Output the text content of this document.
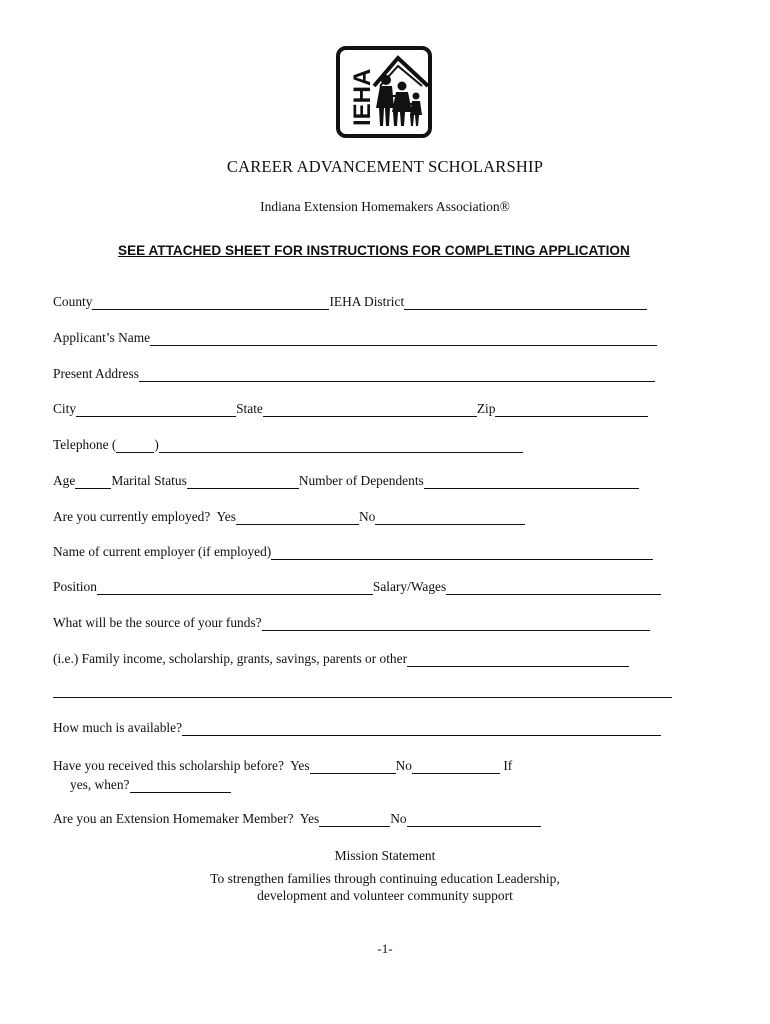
IEHA
CAREER ADVANCEMENT SCHOLARSHIP
Indiana Extension Homemakers Association®
SEE ATTACHED SHEET FOR INSTRUCTIONS FOR COMPLETING APPLICATION
County	IEHA District
Applicant’s Name
Present Address
City	State	Zip
Telephone (	)
Age	Marital Status	Number of Dependents
Are you currently employed?  Yes	No
Name of current employer (if employed)
Position	Salary/Wages
What will be the source of your funds?
(i.e.) Family income, scholarship, grants, savings, parents or other
How much is available?
Have you received this scholarship before?  Yes	No	If
yes, when?
Are you an Extension Homemaker Member?  Yes	No
Mission Statement
To strengthen families through continuing education Leadership,
development and volunteer community support
-1-
